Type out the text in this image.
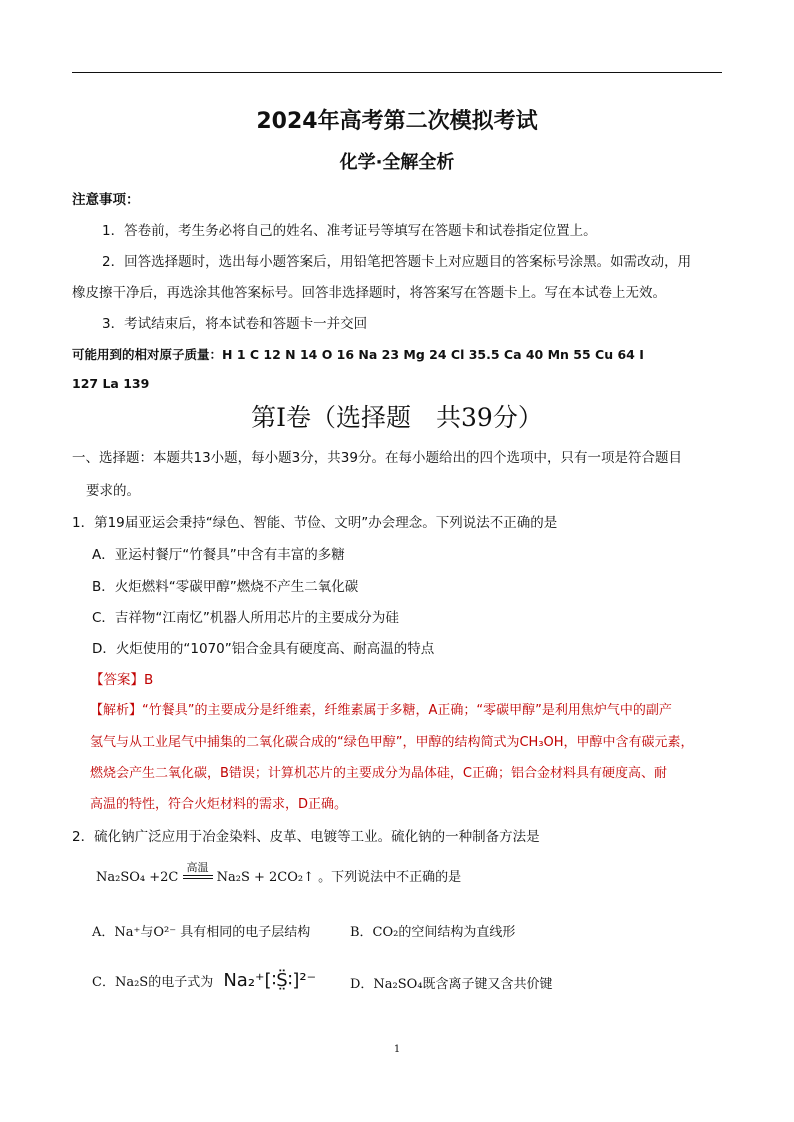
2024年高考第二次模拟考试
化学·全解全析
注意事项：
1．答卷前，考生务必将自己的姓名、准考证号等填写在答题卡和试卷指定位置上。
2．回答选择题时，选出每小题答案后，用铅笔把答题卡上对应题目的答案标号涂黑。如需改动，用
橡皮擦干净后，再选涂其他答案标号。回答非选择题时，将答案写在答题卡上。写在本试卷上无效。
3．考试结束后，将本试卷和答题卡一并交回
可能用到的相对原子质量：H 1 C 12 N 14 O 16 Na 23 Mg 24 Cl 35.5 Ca 40 Mn 55 Cu 64 I
127 La 139
第Ⅰ卷（选择题　共39分）
一、选择题：本题共13小题，每小题3分，共39分。在每小题给出的四个选项中，只有一项是符合题目
要求的。
1．第19届亚运会秉持“绿色、智能、节俭、文明”办会理念。下列说法不正确的是
A．亚运村餐厅“竹餐具”中含有丰富的多糖
B．火炬燃料“零碳甲醇”燃烧不产生二氧化碳
C．吉祥物“江南忆”机器人所用芯片的主要成分为硅
D．火炬使用的“1070”铝合金具有硬度高、耐高温的特点
【答案】B
【解析】“竹餐具”的主要成分是纤维素，纤维素属于多糖，A正确；“零碳甲醇”是利用焦炉气中的副产
氢气与从工业尾气中捕集的二氧化碳合成的“绿色甲醇”，甲醇的结构简式为CH₃OH，甲醇中含有碳元素，
燃烧会产生二氧化碳，B错误；计算机芯片的主要成分为晶体硅，C正确；铝合金材料具有硬度高、耐
高温的特性，符合火炬材料的需求，D正确。
2．硫化钠广泛应用于冶金染料、皮革、电镀等工业。硫化钠的一种制备方法是
Na₂SO₄ +2C
高温
Na₂S + 2CO₂↑ 。下列说法中不正确的是
A．Na⁺与O²⁻ 具有相同的电子层结构	B．CO₂的空间结构为直线形
C．Na₂S的电子式为 Na₂⁺[∶S̤̈∶]²⁻	D．Na₂SO₄既含离子键又含共价键
1
